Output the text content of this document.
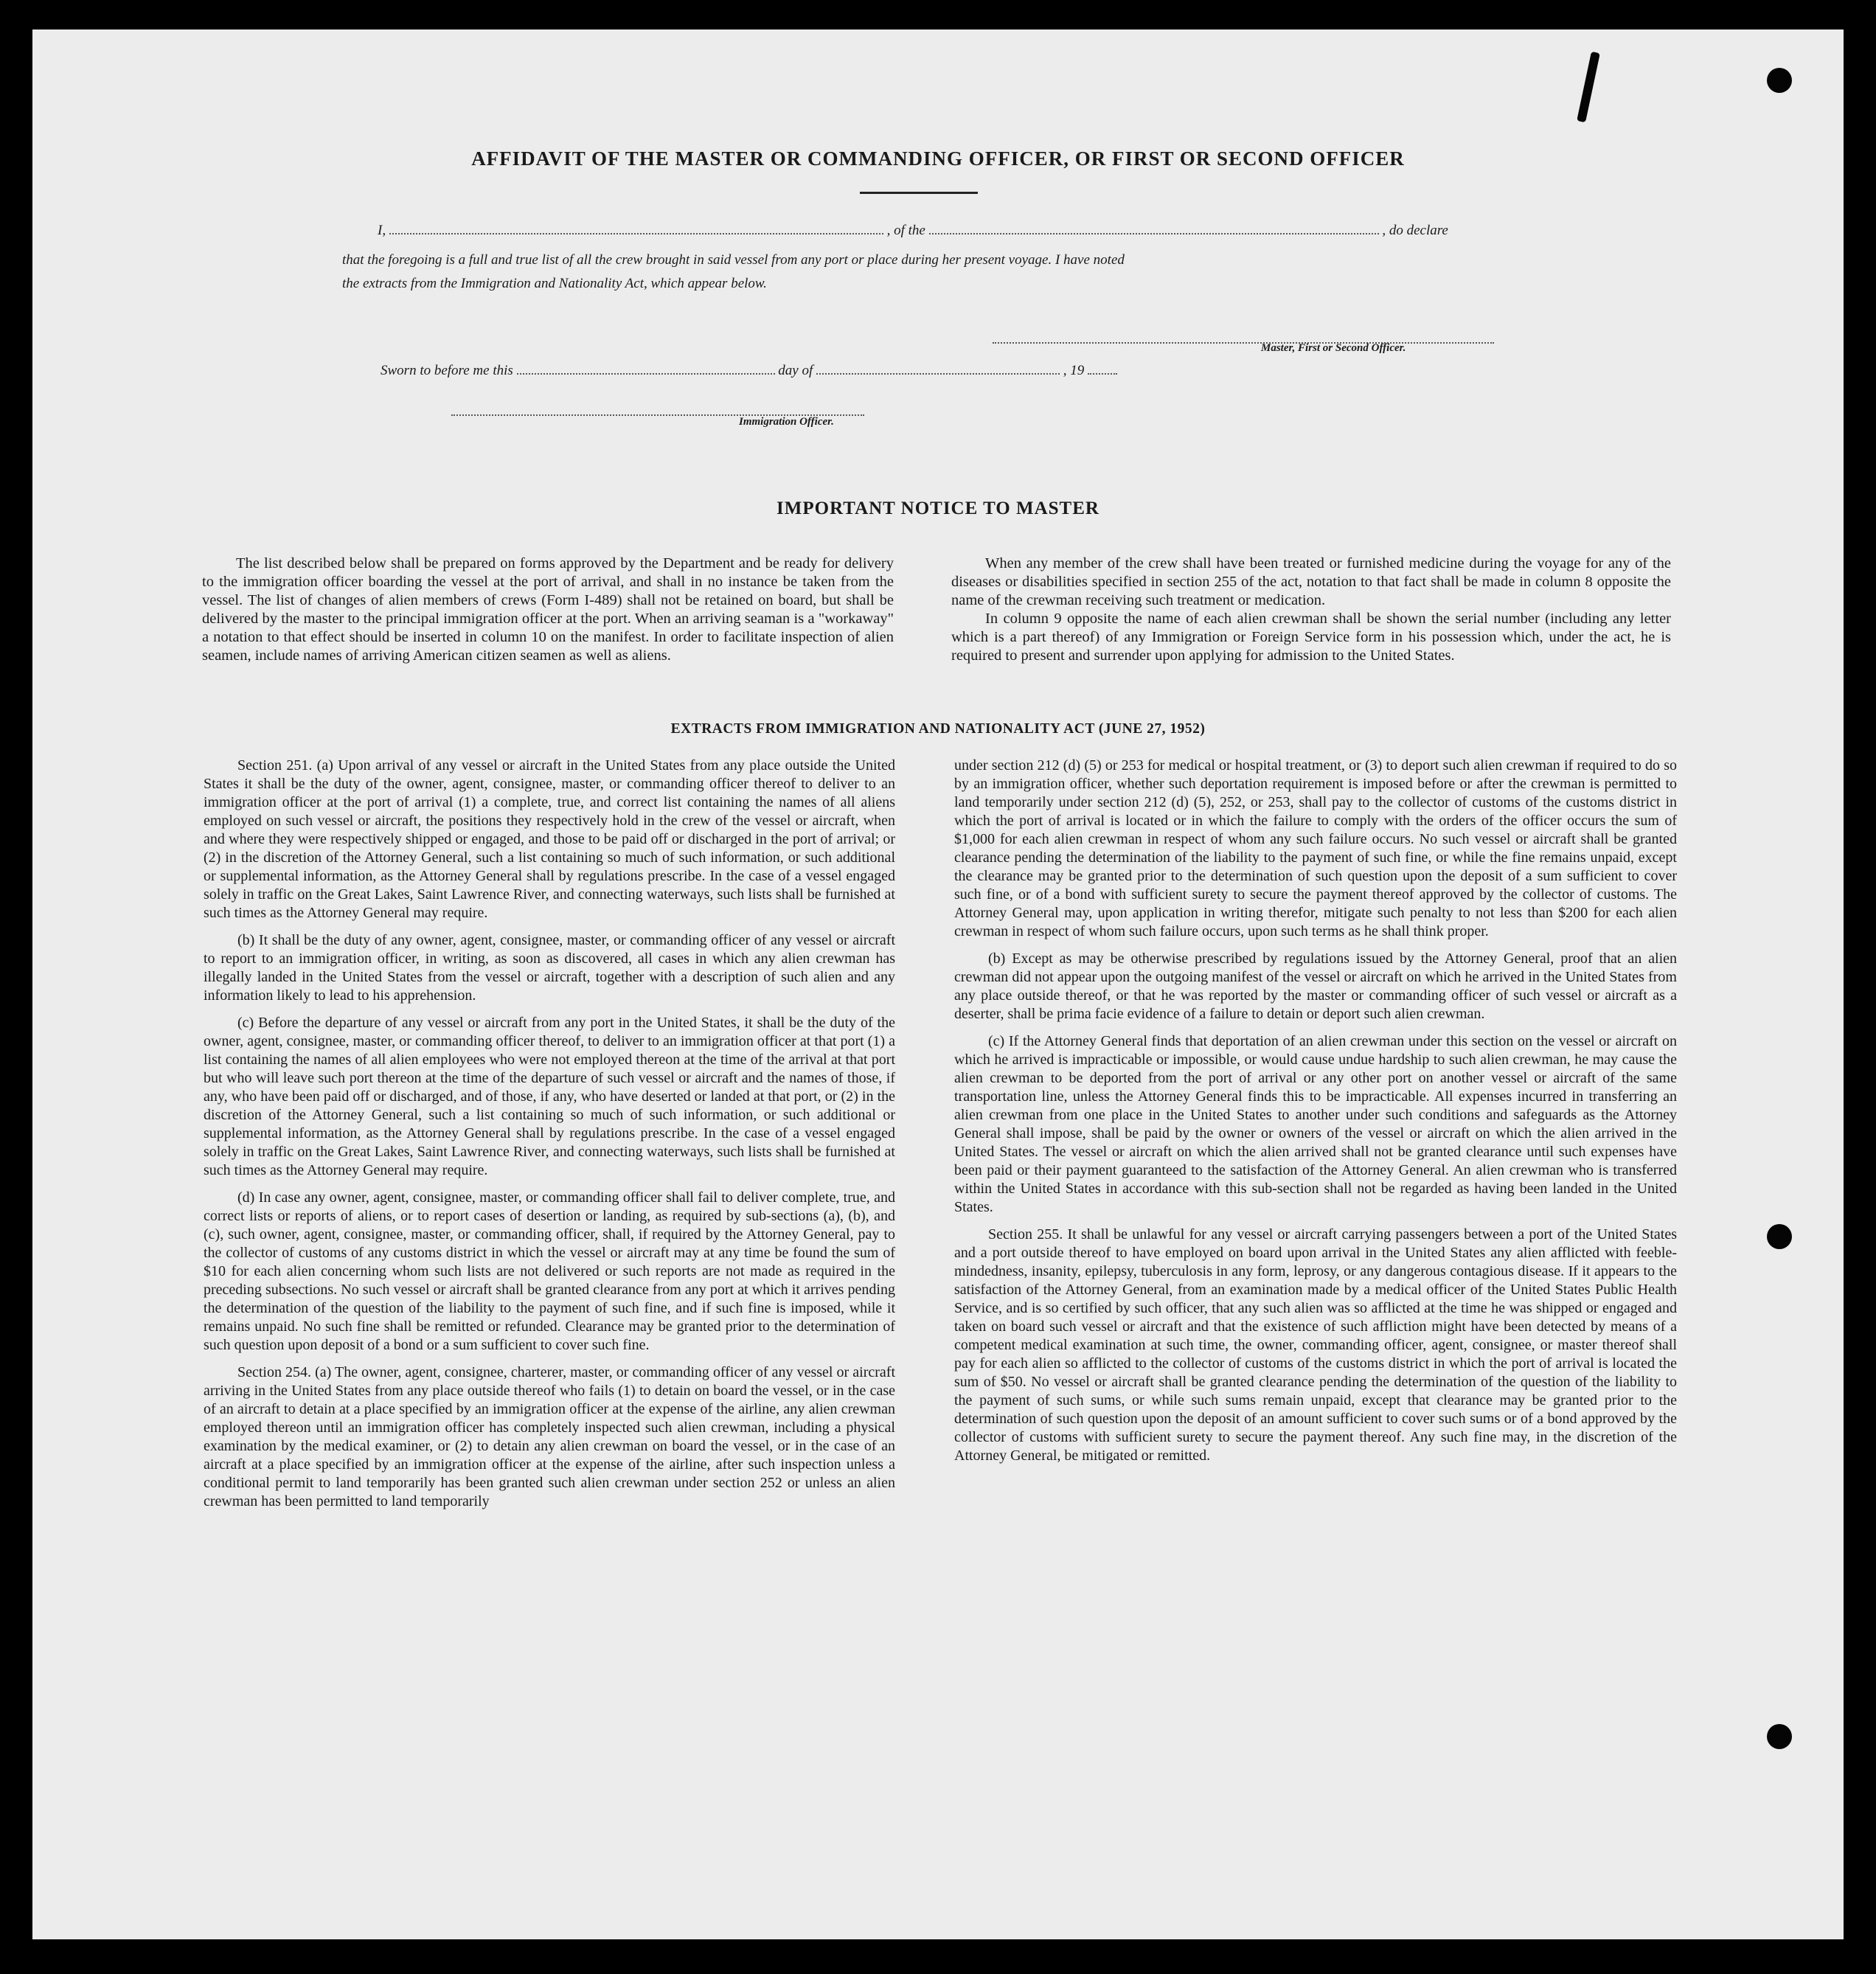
AFFIDAVIT OF THE MASTER OR COMMANDING OFFICER, OR FIRST OR SECOND OFFICER
I,	, of the	, do declare
that the foregoing is a full and true list of all the crew brought in said vessel from any port or place during her present voyage. I have noted
the extracts from the Immigration and Nationality Act, which appear below.
Master, First or Second Officer.
Sworn to before me this	day of	, 19
Immigration Officer.
IMPORTANT NOTICE TO MASTER

The list described below shall be prepared on forms approved by the Department and be ready for delivery to the immigration officer boarding the vessel at the port of arrival, and shall in no instance be taken from the vessel. The list of changes of alien members of crews (Form I-489) shall not be retained on board, but shall be delivered by the master to the principal immigration officer at the port. When an arriving seaman is a "workaway" a notation to that effect should be inserted in column 10 on the manifest. In order to facilitate inspection of alien seamen, include names of arriving American citizen seamen as well as aliens.

When any member of the crew shall have been treated or furnished medicine during the voyage for any of the diseases or disabilities specified in section 255 of the act, notation to that fact shall be made in column 8 opposite the name of the crewman receiving such treatment or medication.

In column 9 opposite the name of each alien crewman shall be shown the serial number (including any letter which is a part thereof) of any Immigration or Foreign Service form in his possession which, under the act, he is required to present and surrender upon applying for admission to the United States.

EXTRACTS FROM IMMIGRATION AND NATIONALITY ACT (JUNE 27, 1952)

Section 251. (a) Upon arrival of any vessel or aircraft in the United States from any place outside the United States it shall be the duty of the owner, agent, consignee, master, or commanding officer thereof to deliver to an immigration officer at the port of arrival (1) a complete, true, and correct list containing the names of all aliens employed on such vessel or aircraft, the positions they respectively hold in the crew of the vessel or aircraft, when and where they were respectively shipped or engaged, and those to be paid off or discharged in the port of arrival; or (2) in the discretion of the Attorney General, such a list containing so much of such information, or such additional or supplemental information, as the Attorney General shall by regulations prescribe. In the case of a vessel engaged solely in traffic on the Great Lakes, Saint Lawrence River, and connecting waterways, such lists shall be furnished at such times as the Attorney General may require.

(b) It shall be the duty of any owner, agent, consignee, master, or commanding officer of any vessel or aircraft to report to an immigration officer, in writing, as soon as discovered, all cases in which any alien crewman has illegally landed in the United States from the vessel or aircraft, together with a description of such alien and any information likely to lead to his apprehension.

(c) Before the departure of any vessel or aircraft from any port in the United States, it shall be the duty of the owner, agent, consignee, master, or commanding officer thereof, to deliver to an immigration officer at that port (1) a list containing the names of all alien employees who were not employed thereon at the time of the arrival at that port but who will leave such port thereon at the time of the departure of such vessel or aircraft and the names of those, if any, who have been paid off or discharged, and of those, if any, who have deserted or landed at that port, or (2) in the discretion of the Attorney General, such a list containing so much of such information, or such additional or supplemental information, as the Attorney General shall by regulations prescribe. In the case of a vessel engaged solely in traffic on the Great Lakes, Saint Lawrence River, and connecting waterways, such lists shall be furnished at such times as the Attorney General may require.

(d) In case any owner, agent, consignee, master, or commanding officer shall fail to deliver complete, true, and correct lists or reports of aliens, or to report cases of desertion or landing, as required by sub-sections (a), (b), and (c), such owner, agent, consignee, master, or commanding officer, shall, if required by the Attorney General, pay to the collector of customs of any customs district in which the vessel or aircraft may at any time be found the sum of $10 for each alien concerning whom such lists are not delivered or such reports are not made as required in the preceding subsections. No such vessel or aircraft shall be granted clearance from any port at which it arrives pending the determination of the question of the liability to the payment of such fine, and if such fine is imposed, while it remains unpaid. No such fine shall be remitted or refunded. Clearance may be granted prior to the determination of such question upon deposit of a bond or a sum sufficient to cover such fine.

Section 254. (a) The owner, agent, consignee, charterer, master, or commanding officer of any vessel or aircraft arriving in the United States from any place outside thereof who fails (1) to detain on board the vessel, or in the case of an aircraft to detain at a place specified by an immigration officer at the expense of the airline, any alien crewman employed thereon until an immigration officer has completely inspected such alien crewman, including a physical examination by the medical examiner, or (2) to detain any alien crewman on board the vessel, or in the case of an aircraft at a place specified by an immigration officer at the expense of the airline, after such inspection unless a conditional permit to land temporarily has been granted such alien crewman under section 252 or unless an alien crewman has been permitted to land temporarily

under section 212 (d) (5) or 253 for medical or hospital treatment, or (3) to deport such alien crewman if required to do so by an immigration officer, whether such deportation requirement is imposed before or after the crewman is permitted to land temporarily under section 212 (d) (5), 252, or 253, shall pay to the collector of customs of the customs district in which the port of arrival is located or in which the failure to comply with the orders of the officer occurs the sum of $1,000 for each alien crewman in respect of whom any such failure occurs. No such vessel or aircraft shall be granted clearance pending the determination of the liability to the payment of such fine, or while the fine remains unpaid, except the clearance may be granted prior to the determination of such question upon the deposit of a sum sufficient to cover such fine, or of a bond with sufficient surety to secure the payment thereof approved by the collector of customs. The Attorney General may, upon application in writing therefor, mitigate such penalty to not less than $200 for each alien crewman in respect of whom such failure occurs, upon such terms as he shall think proper.

(b) Except as may be otherwise prescribed by regulations issued by the Attorney General, proof that an alien crewman did not appear upon the outgoing manifest of the vessel or aircraft on which he arrived in the United States from any place outside thereof, or that he was reported by the master or commanding officer of such vessel or aircraft as a deserter, shall be prima facie evidence of a failure to detain or deport such alien crewman.

(c) If the Attorney General finds that deportation of an alien crewman under this section on the vessel or aircraft on which he arrived is impracticable or impossible, or would cause undue hardship to such alien crewman, he may cause the alien crewman to be deported from the port of arrival or any other port on another vessel or aircraft of the same transportation line, unless the Attorney General finds this to be impracticable. All expenses incurred in transferring an alien crewman from one place in the United States to another under such conditions and safeguards as the Attorney General shall impose, shall be paid by the owner or owners of the vessel or aircraft on which the alien arrived in the United States. The vessel or aircraft on which the alien arrived shall not be granted clearance until such expenses have been paid or their payment guaranteed to the satisfaction of the Attorney General. An alien crewman who is transferred within the United States in accordance with this sub-section shall not be regarded as having been landed in the United States.

Section 255. It shall be unlawful for any vessel or aircraft carrying passengers between a port of the United States and a port outside thereof to have employed on board upon arrival in the United States any alien afflicted with feeble-mindedness, insanity, epilepsy, tuberculosis in any form, leprosy, or any dangerous contagious disease. If it appears to the satisfaction of the Attorney General, from an examination made by a medical officer of the United States Public Health Service, and is so certified by such officer, that any such alien was so afflicted at the time he was shipped or engaged and taken on board such vessel or aircraft and that the existence of such affliction might have been detected by means of a competent medical examination at such time, the owner, commanding officer, agent, consignee, or master thereof shall pay for each alien so afflicted to the collector of customs of the customs district in which the port of arrival is located the sum of $50. No vessel or aircraft shall be granted clearance pending the determination of the question of the liability to the payment of such sums, or while such sums remain unpaid, except that clearance may be granted prior to the determination of such question upon the deposit of an amount sufficient to cover such sums or of a bond approved by the collector of customs with sufficient surety to secure the payment thereof. Any such fine may, in the discretion of the Attorney General, be mitigated or remitted.
